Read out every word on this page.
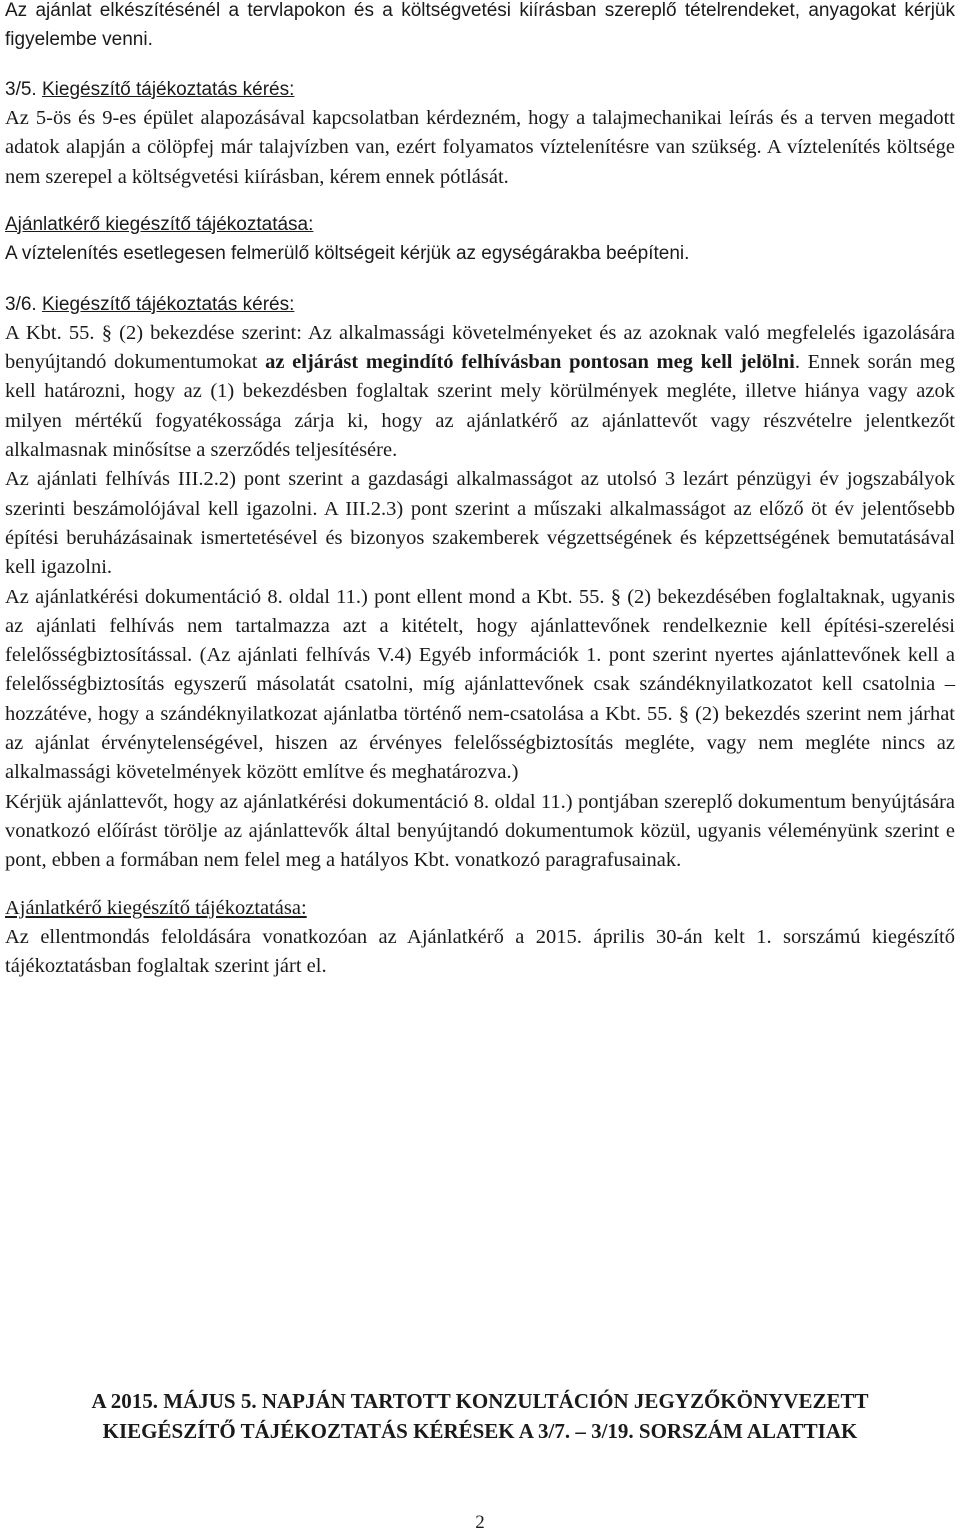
Az ajánlat elkészítésénél a tervlapokon és a költségvetési kiírásban szereplő tételrendeket, anyagokat kérjük figyelembe venni.

3/5. Kiegészítő tájékoztatás kérés:

Az 5-ös és 9-es épület alapozásával kapcsolatban kérdezném, hogy a talajmechanikai leírás és a terven megadott adatok alapján a cölöpfej már talajvízben van, ezért folyamatos víztelenítésre van szükség. A víztelenítés költsége nem szerepel a költségvetési kiírásban, kérem ennek pótlását.

Ajánlatkérő kiegészítő tájékoztatása:

A víztelenítés esetlegesen felmerülő költségeit kérjük az egységárakba beépíteni.

3/6. Kiegészítő tájékoztatás kérés:

A Kbt. 55. § (2) bekezdése szerint: Az alkalmassági követelményeket és az azoknak való megfelelés igazolására benyújtandó dokumentumokat az eljárást megindító felhívásban pontosan meg kell jelölni. Ennek során meg kell határozni, hogy az (1) bekezdésben foglaltak szerint mely körülmények megléte, illetve hiánya vagy azok milyen mértékű fogyatékossága zárja ki, hogy az ajánlatkérő az ajánlattevőt vagy részvételre jelentkezőt alkalmasnak minősítse a szerződés teljesítésére.

Az ajánlati felhívás III.2.2) pont szerint a gazdasági alkalmasságot az utolsó 3 lezárt pénzügyi év jogszabályok szerinti beszámolójával kell igazolni. A III.2.3) pont szerint a műszaki alkalmasságot az előző öt év jelentősebb építési beruházásainak ismertetésével és bizonyos szakemberek végzettségének és képzettségének bemutatásával kell igazolni.

Az ajánlatkérési dokumentáció 8. oldal 11.) pont ellent mond a Kbt. 55. § (2) bekezdésében foglaltaknak, ugyanis az ajánlati felhívás nem tartalmazza azt a kitételt, hogy ajánlattevőnek rendelkeznie kell építési-szerelési felelősségbiztosítással. (Az ajánlati felhívás V.4) Egyéb információk 1. pont szerint nyertes ajánlattevőnek kell a felelősségbiztosítás egyszerű másolatát csatolni, míg ajánlattevőnek csak szándéknyilatkozatot kell csatolnia – hozzátéve, hogy a szándéknyilatkozat ajánlatba történő nem-csatolása a Kbt. 55. § (2) bekezdés szerint nem járhat az ajánlat érvénytelenségével, hiszen az érvényes felelősségbiztosítás megléte, vagy nem megléte nincs az alkalmassági követelmények között említve és meghatározva.)

Kérjük ajánlattevőt, hogy az ajánlatkérési dokumentáció 8. oldal 11.) pontjában szereplő dokumentum benyújtására vonatkozó előírást törölje az ajánlattevők által benyújtandó dokumentumok közül, ugyanis véleményünk szerint e pont, ebben a formában nem felel meg a hatályos Kbt. vonatkozó paragrafusainak.

Ajánlatkérő kiegészítő tájékoztatása:

Az ellentmondás feloldására vonatkozóan az Ajánlatkérő a 2015. április 30-án kelt 1. sorszámú kiegészítő tájékoztatásban foglaltak szerint járt el.

A 2015. MÁJUS 5. NAPJÁN TARTOTT KONZULTÁCIÓN JEGYZŐKÖNYVEZETT
KIEGÉSZÍTŐ TÁJÉKOZTATÁS KÉRÉSEK A 3/7. – 3/19. SORSZÁM ALATTIAK
2
